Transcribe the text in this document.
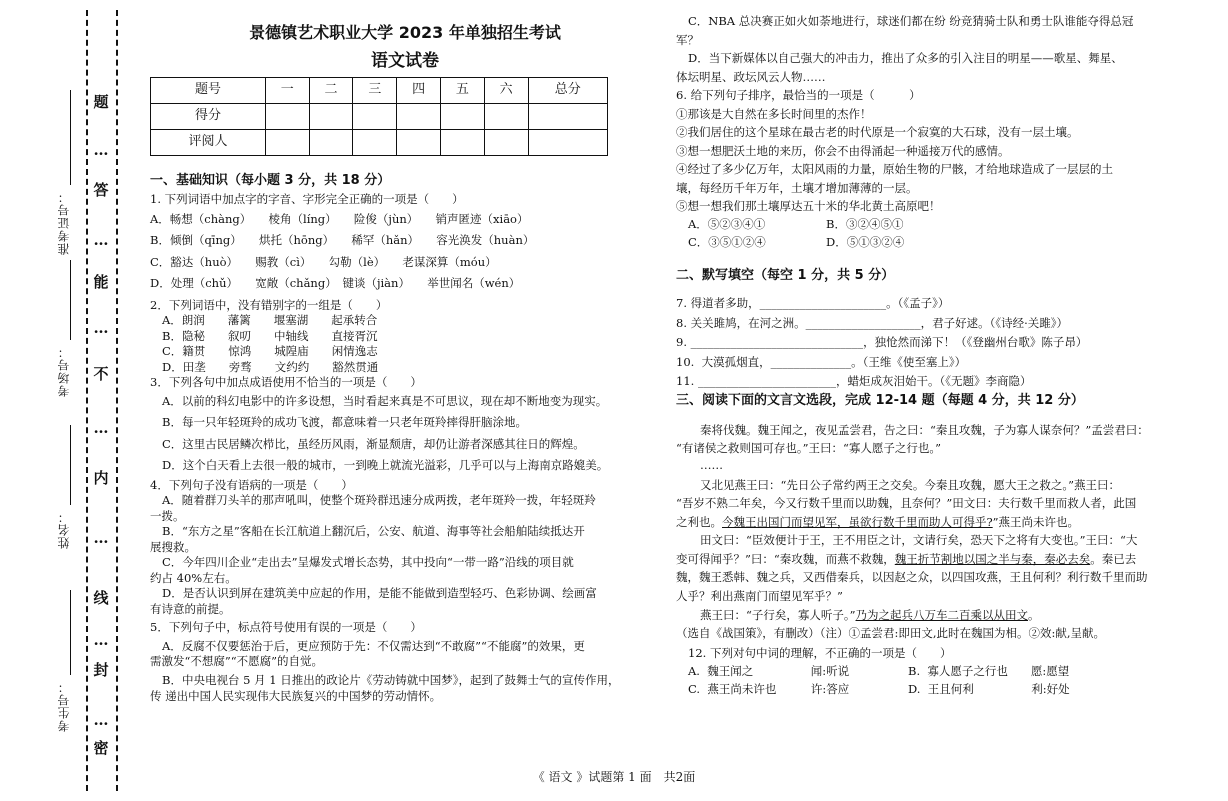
密
…
封
…
线
…
内
…
不
…
能
…
答
…
题
准考证号：
考场号：
姓名：
考生号：

景德镇艺术职业大学 2023 年单独招生考试

语文试卷

题号	一	二	三	四	五	六	总分
得分							
评阅人							

一、基础知识（每小题 3 分，共 18 分）

1. 下列词语中加点字的字音、字形完全正确的一项是（　　）

A．畅想（chàng）　　棱角（líng）　　险俊（jùn）　　销声匿迹（xiāo）

B．倾倒（qīng）　　烘托（hōng）　　稀罕（hǎn）　　容光涣发（huàn）

C．豁达（huò）　　赐教（cì）　　勾勒（lè）　　老谋深算（móu）

D．处理（chǔ）　　宽敞（chǎng）　键谈（jiàn）　　举世闻名（wén）

2．下列词语中，没有错别字的一组是（　　）

A．朗润　　藩篱　　堰塞湖　　起承转合

B．隐秘　　叙叨　　中轴线　　直接胥沉

C．籍贯　　惊鸿　　城隍庙　　闲情逸志

D．田垄　　旁骛　　文约约　　豁然贯通

3．下列各句中加点成语使用不恰当的一项是（　　）

A．以前的科幻电影中的许多设想，当时看起来真是不可思议，现在却不断地变为现实。

B．每一只年轻斑羚的成功飞渡，都意味着一只老年斑羚摔得肝脑涂地。

C．这里古民居鳞次栉比，虽经历风雨，渐显颓唐，却仍让游者深感其往日的辉煌。

D．这个白天看上去很一般的城市，一到晚上就流光溢彩，几乎可以与上海南京路媲美。

4．下列句子没有语病的一项是（　　）

A．随着群刀头羊的那声吼叫，使整个斑羚群迅速分成两拨，老年斑羚一拨，年轻斑羚

一拨。

B．“东方之星”客船在长江航道上翻沉后，公安、航道、海事等社会船舶陆续抵达开

展搜救。

C．今年四川企业“走出去”呈爆发式增长态势，其中投向“一带一路”沿线的项目就

约占 40%左右。

D．是否认识到屏在建筑美中应起的作用，是能不能做到造型轻巧、色彩协调、绘画富

有诗意的前提。

5．下列句子中，标点符号使用有误的一项是（　　）

A．反腐不仅要惩治于后，更应预防于先：不仅需达到“不敢腐”“不能腐”的效果，更

需激发“不想腐”“不愿腐”的自觉。

B．中央电视台 5 月 1 日推出的政论片《劳动铸就中国梦》，起到了鼓舞士气的宣传作用，

传 递出中国人民实现伟大民族复兴的中国梦的劳动情怀。

C．NBA 总决赛正如火如荼地进行，球迷们都在纷 纷竞猜骑士队和勇士队谁能夺得总冠

军？

D．当下新媒体以自己强大的冲击力，推出了众多的引入注目的明星——歌星、舞星、

体坛明星、政坛风云人物……

6. 给下列句子排序，最恰当的一项是（　　　）

①那该是大自然在多长时间里的杰作！

②我们居住的这个星球在最古老的时代原是一个寂寞的大石球，没有一层土壤。

③想一想肥沃土地的来历，你会不由得涌起一种遥接万代的感情。

④经过了多少亿万年，太阳风雨的力量，原始生物的尸骸，才给地球造成了一层层的土

壤，每经历千年万年，土壤才增加薄薄的一层。

⑤想一想我们那土壤厚达五十米的华北黄土高原吧！

A．⑤②③④①	B．③②④⑤①
C．③⑤①②④	D．⑤①③②④

二、默写填空（每空 1 分，共 5 分）

7. 得道者多助，______________________。（《孟子》）

8. 关关雎鸠，在河之洲。____________________，君子好逑。（《诗经·关雎》）

9. ______________________________，独怆然而涕下！（《登幽州台歌》陈子昂）

10.  大漠孤烟直，______________。（王维《使至塞上》）

11. ________________________，蜡炬成灰泪始干。（《无题》李商隐）

三、阅读下面的文言文选段，完成 12-14 题（每题 4 分，共 12 分）

秦将伐魏。魏王闻之，夜见孟尝君，告之曰：“秦且攻魏，子为寡人谋奈何？”孟尝君曰：

“有诸侯之救则国可存也。”王曰：“寡人愿子之行也。”

……

又北见燕王曰：“先日公子常约两王之交矣。今秦且攻魏，愿大王之救之。”燕王曰：

“吾岁不熟二年矣，今又行数千里而以助魏，且奈何？”田文曰：夫行数千里而救人者，此国

之利也。今魏王出国门而望见军，虽欲行数千里而助人可得乎?”燕王尚未许也。

田文曰：“臣效便计于王，王不用臣之计，文请行矣，恐天下之将有大变也。”王曰：“大

变可得闻乎？”曰：“秦攻魏，而燕不救魏，魏王折节割地以国之半与秦，秦必去矣。秦已去

魏，魏王悉韩、魏之兵，又西借秦兵，以因赵之众，以四国攻燕，王且何利？利行数千里而助

人乎？利出燕南门而望见军乎？”

燕王曰：“子行矣，寡人听子。”乃为之起兵八万车二百乘以从田文。

（选自《战国策》，有删改）（注）①孟尝君:即田文,此时在魏国为相。②效:献,呈献。

12. 下列对句中词的理解，不正确的一项是（　　）

A.  魏王闻之　　　　　闻:听说	B.  寡人愿子之行也　　愿:愿望
C.  燕王尚未许也　　　许:答应	D.  王且何利　　　　　利:好处
《 语文 》试题第 1 面　共2面
